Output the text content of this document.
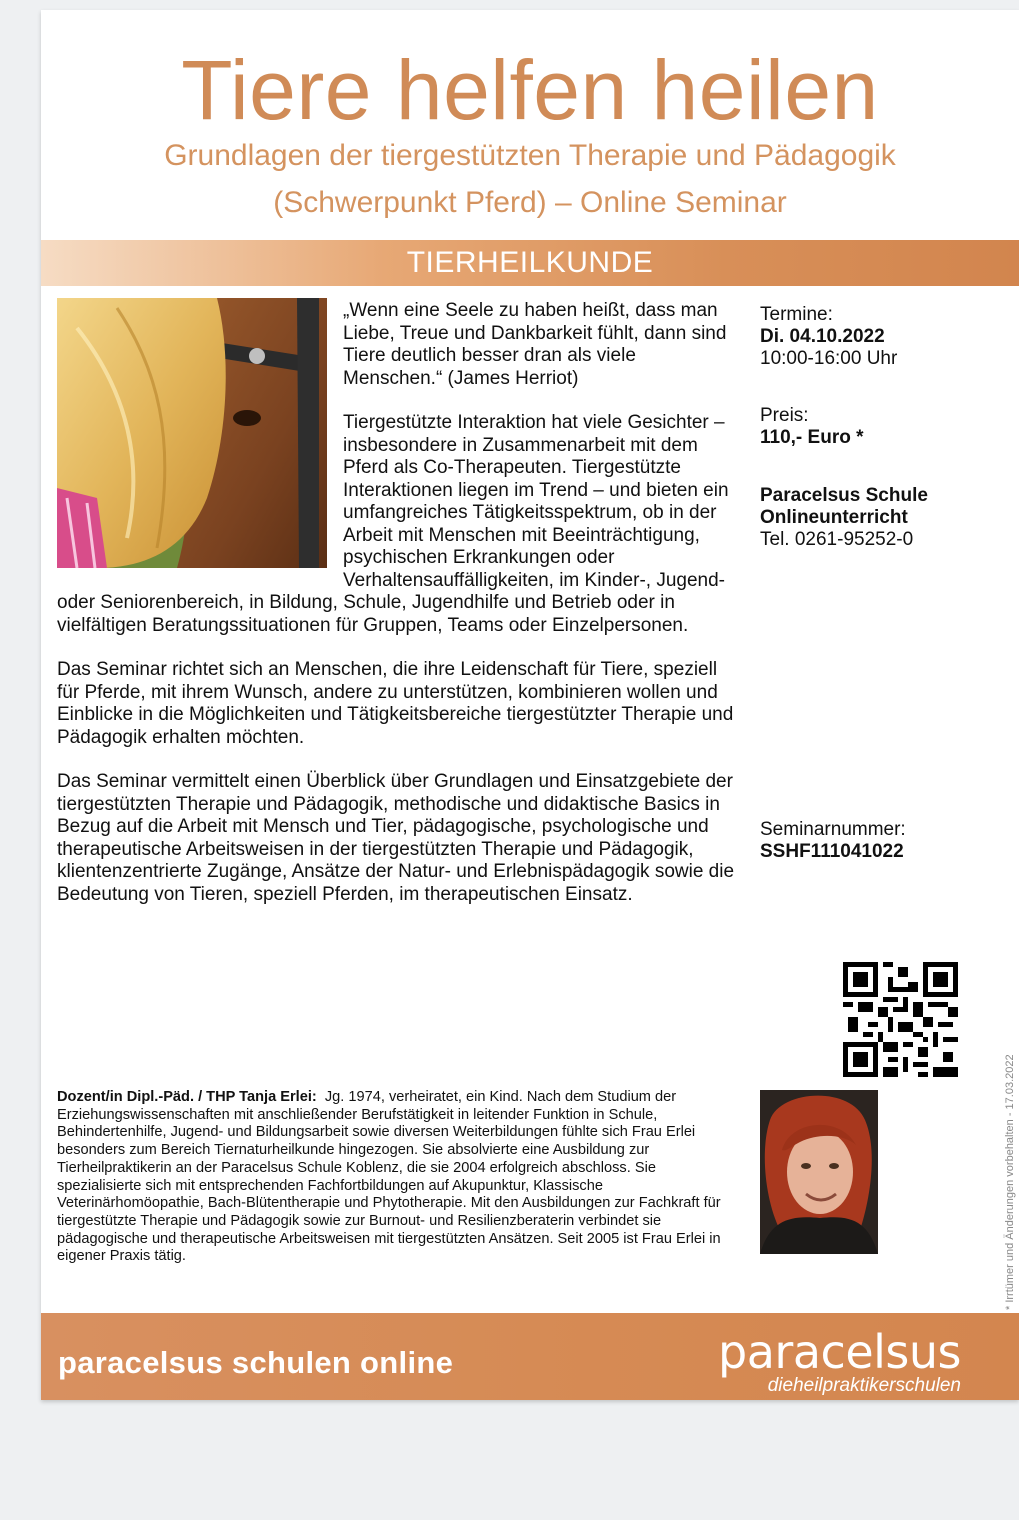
Tiere helfen heilen
Grundlagen der tiergestützten Therapie und Pädagogik
(Schwerpunkt Pferd) – Online Seminar
TIERHEILKUNDE

„Wenn eine Seele zu haben heißt, dass man Liebe, Treue und Dankbarkeit fühlt, dann sind Tiere deutlich besser dran als viele Menschen.“ (James Herriot)

Tiergestützte Interaktion hat viele Gesichter – insbesondere in Zusammenarbeit mit dem Pferd als Co-Therapeuten. Tiergestützte Interaktionen liegen im Trend – und bieten ein umfangreiches Tätigkeitsspektrum, ob in der Arbeit mit Menschen mit Beeinträchtigung, psychischen Erkrankungen oder Verhaltensauffälligkeiten, im Kinder-, Jugend- oder Seniorenbereich, in Bildung, Schule, Jugendhilfe und Betrieb oder in vielfältigen Beratungssituationen für Gruppen, Teams oder Einzelpersonen.

Das Seminar richtet sich an Menschen, die ihre Leidenschaft für Tiere, speziell für Pferde, mit ihrem Wunsch, andere zu unterstützen, kombinieren wollen und Einblicke in die Möglichkeiten und Tätigkeitsbereiche tiergestützter Therapie und Pädagogik erhalten möchten.

Das Seminar vermittelt einen Überblick über Grundlagen und Einsatzgebiete der tiergestützten Therapie und Pädagogik, methodische und didaktische Basics in Bezug auf die Arbeit mit Mensch und Tier, pädagogische, psychologische und therapeutische Arbeitsweisen in der tiergestützten Therapie und Pädagogik, klientenzentrierte Zugänge, Ansätze der Natur- und Erlebnispädagogik sowie die Bedeutung von Tieren, speziell Pferden, im therapeutischen Einsatz.

Termine:
Di. 04.10.2022
10:00-16:00 Uhr
Preis:
110,- Euro *
Paracelsus Schule
Onlineunterricht
Tel. 0261-95252-0
Seminarnummer:
SSHF111041022
Dozent/in Dipl.-Päd. / THP Tanja Erlei: Jg. 1974, verheiratet, ein Kind. Nach dem Studium der Erziehungswissenschaften mit anschließender Berufstätigkeit in leitender Funktion in Schule, Behindertenhilfe, Jugend- und Bildungsarbeit sowie diversen Weiterbildungen fühlte sich Frau Erlei besonders zum Bereich Tiernaturheilkunde hingezogen. Sie absolvierte eine Ausbildung zur Tierheilpraktikerin an der Paracelsus Schule Koblenz, die sie 2004 erfolgreich abschloss. Sie spezialisierte sich mit entsprechenden Fachfortbildungen auf Akupunktur, Klassische Veterinärhomöopathie, Bach-Blütentherapie und Phytotherapie. Mit den Ausbildungen zur Fachkraft für tiergestützte Therapie und Pädagogik sowie zur Burnout- und Resilienzberaterin verbindet sie pädagogische und therapeutische Arbeitsweisen mit tiergestützten Ansätzen. Seit 2005 ist Frau Erlei in eigener Praxis tätig.
paracelsus schulen online	paracelsus
dieheilpraktikerschulen
* Irrtümer und Änderungen vorbehalten - 17.03.2022
